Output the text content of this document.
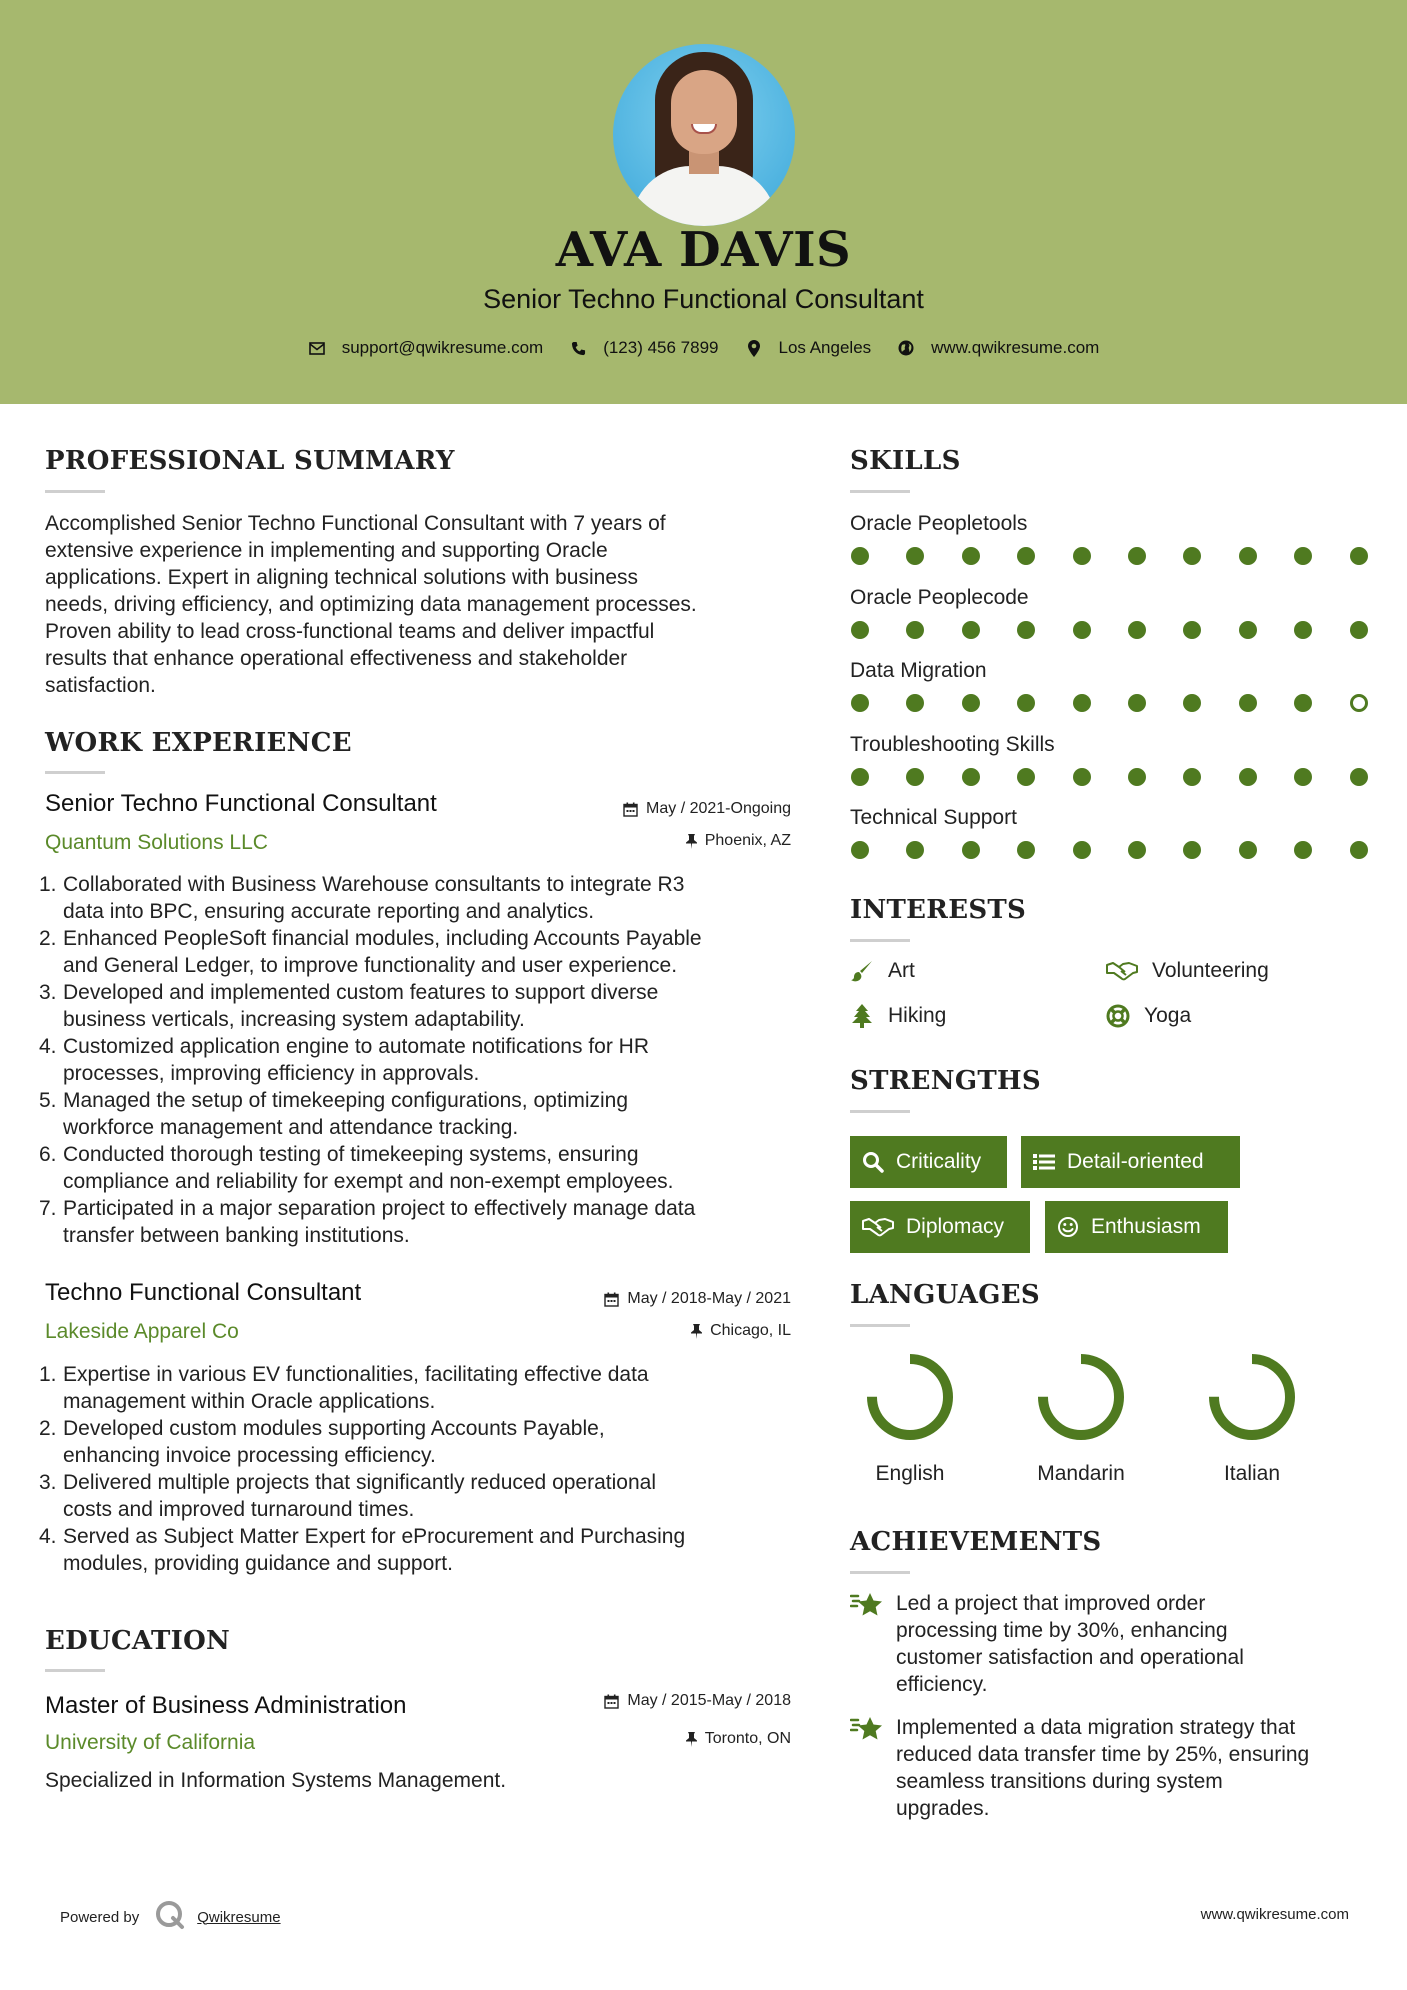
AVA DAVIS
Senior Techno Functional Consultant
support@qwikresume.com	(123) 456 7899	Los Angeles	www.qwikresume.com
PROFESSIONAL SUMMARY
Accomplished Senior Techno Functional Consultant with 7 years of
extensive experience in implementing and supporting Oracle
applications. Expert in aligning technical solutions with business
needs, driving efficiency, and optimizing data management processes.
Proven ability to lead cross-functional teams and deliver impactful
results that enhance operational effectiveness and stakeholder
satisfaction.
WORK EXPERIENCE
Senior Techno Functional Consultant	May / 2021-Ongoing
Quantum Solutions LLC	Phoenix, AZ
1. Collaborated with Business Warehouse consultants to integrate R3
data into BPC, ensuring accurate reporting and analytics.
2. Enhanced PeopleSoft financial modules, including Accounts Payable
and General Ledger, to improve functionality and user experience.
3. Developed and implemented custom features to support diverse
business verticals, increasing system adaptability.
4. Customized application engine to automate notifications for HR
processes, improving efficiency in approvals.
5. Managed the setup of timekeeping configurations, optimizing
workforce management and attendance tracking.
6. Conducted thorough testing of timekeeping systems, ensuring
compliance and reliability for exempt and non-exempt employees.
7. Participated in a major separation project to effectively manage data
transfer between banking institutions.
Techno Functional Consultant	May / 2018-May / 2021
Lakeside Apparel Co	Chicago, IL
1. Expertise in various EV functionalities, facilitating effective data
management within Oracle applications.
2. Developed custom modules supporting Accounts Payable,
enhancing invoice processing efficiency.
3. Delivered multiple projects that significantly reduced operational
costs and improved turnaround times.
4. Served as Subject Matter Expert for eProcurement and Purchasing
modules, providing guidance and support.
EDUCATION
Master of Business Administration	May / 2015-May / 2018
University of California	Toronto, ON
Specialized in Information Systems Management.
SKILLS
Oracle Peopletools
Oracle Peoplecode
Data Migration
Troubleshooting Skills
Technical Support
INTERESTS
Art	Volunteering
Hiking	Yoga
STRENGTHS
Criticality	Detail-oriented
Diplomacy	Enthusiasm
LANGUAGES
English	Mandarin	Italian
ACHIEVEMENTS
Led a project that improved order
processing time by 30%, enhancing
customer satisfaction and operational
efficiency.
Implemented a data migration strategy that
reduced data transfer time by 25%, ensuring
seamless transitions during system
upgrades.
Powered by	Qwikresume	www.qwikresume.com
